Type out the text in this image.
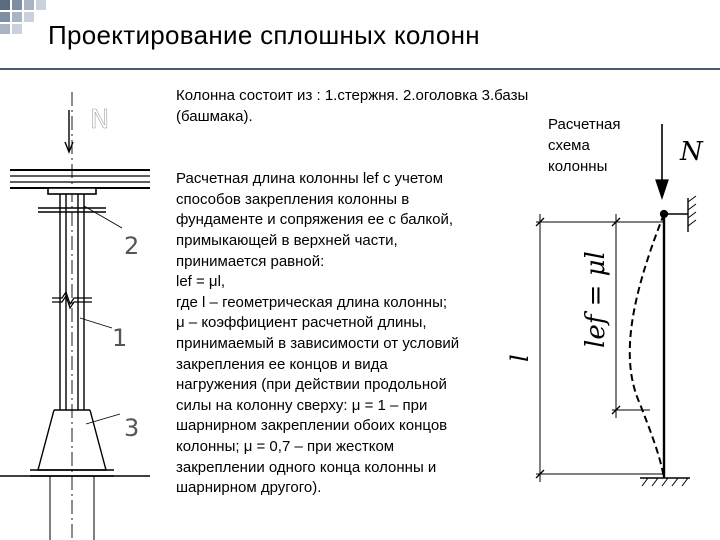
Проектирование сплошных колонн

Колонна состоит из : 1.стержня. 2.оголовка 3.базы (башмака).

Расчетная длина колонны lef с учетом

способов закрепления колонны в

фундаменте и сопряжения ее с балкой,

примыкающей в верхней части,

принимается равной:

lef = μl,

где l – геометрическая длина колонны;

μ – коэффициент расчетной длины,

принимаемый в зависимости от условий

закрепления ее концов и вида

нагружения (при действии продольной

силы на колонну сверху: μ = 1 – при

шарнирном закреплении обоих концов

колонны; μ = 0,7 – при жестком

закреплении одного конца колонны и

шарнирном другого).

Расчетная
схема
колонны
N
2
1
3
N
lef = μl
l
